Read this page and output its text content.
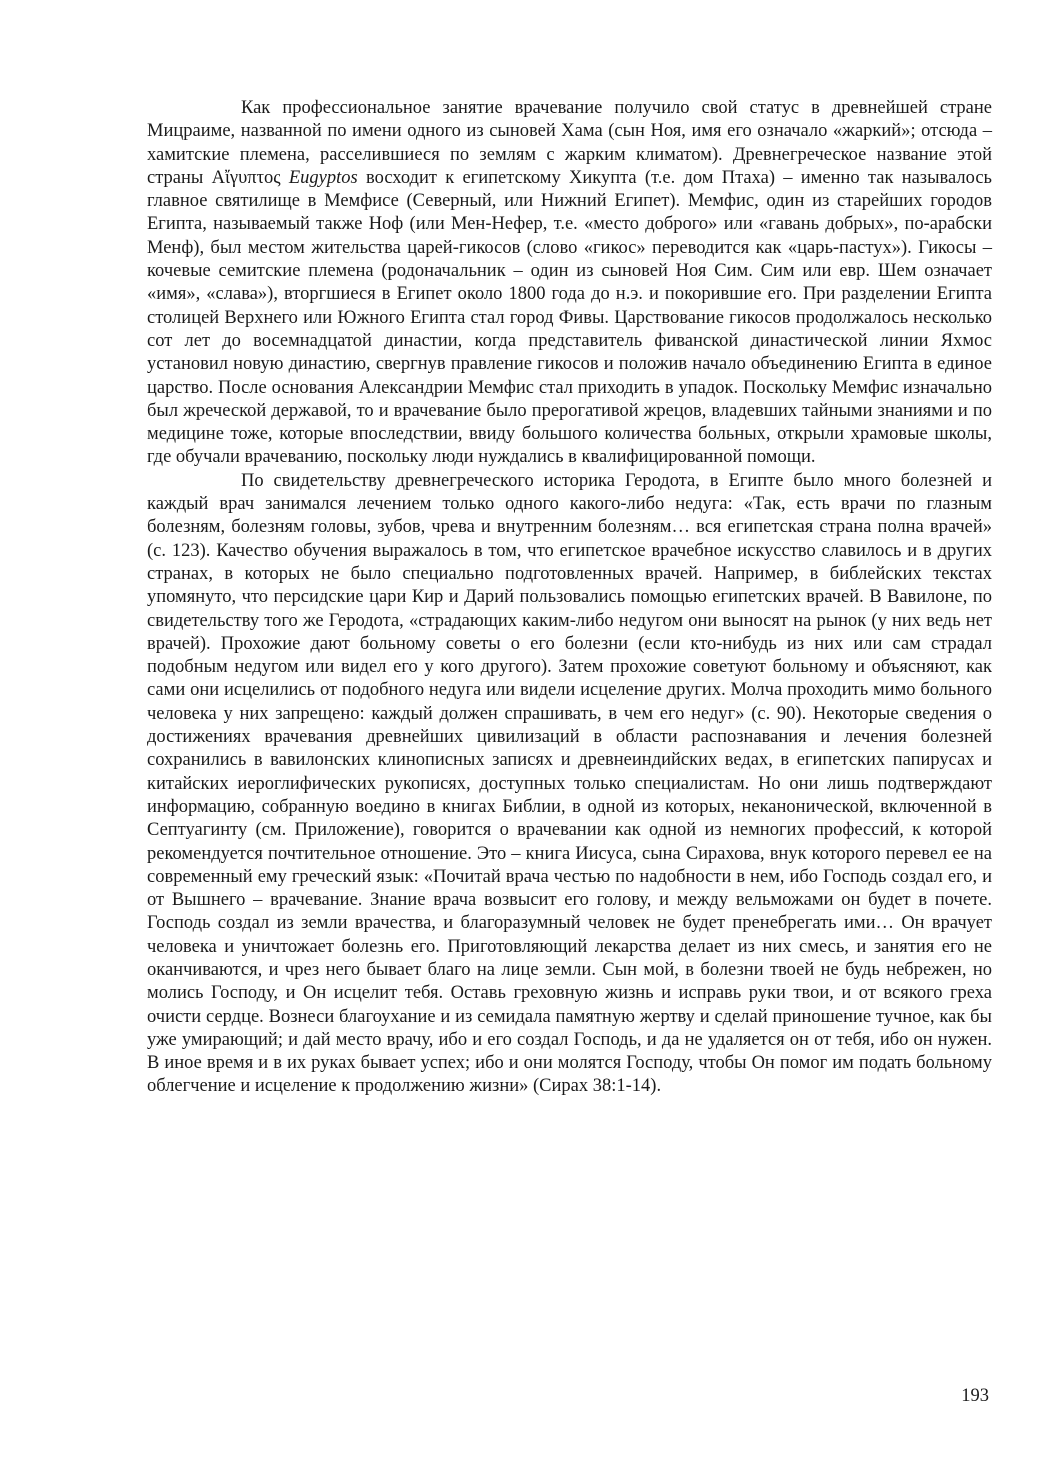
Как профессиональное занятие врачевание получило свой статус в древнейшей стране Мицраиме, названной по имени одного из сыновей Хама (сын Ноя, имя его означало «жаркий»; отсюда – хамитские племена, расселившиеся по землям с жарким климатом). Древнегреческое название этой страны Αἴγυπτος Eugyptos восходит к египетскому Хикупта (т.е. дом Птаха) – именно так называлось главное святилище в Мемфисе (Северный, или Нижний Египет). Мемфис, один из старейших городов Египта, называемый также Ноф (или Мен-Нефер, т.е. «место доброго» или «гавань добрых», по-арабски Менф), был местом жительства царей-гикосов (слово «гикос» переводится как «царь-пастух»). Гикосы – кочевые семитские племена (родоначальник – один из сыновей Ноя Сим. Сим или евр. Шем означает «имя», «слава»), вторгшиеся в Египет около 1800 года до н.э. и покорившие его. При разделении Египта столицей Верхнего или Южного Египта стал город Фивы. Царствование гикосов продолжалось несколько сот лет до восемнадцатой династии, когда представитель фиванской династической линии Яхмос установил новую династию, свергнув правление гикосов и положив начало объединению Египта в единое царство. После основания Александрии Мемфис стал приходить в упадок. Поскольку Мемфис изначально был жреческой державой, то и врачевание было прерогативой жрецов, владевших тайными знаниями и по медицине тоже, которые впоследствии, ввиду большого количества больных, открыли храмовые школы, где обучали врачеванию, поскольку люди нуждались в квалифицированной помощи.

По свидетельству древнегреческого историка Геродота, в Египте было много болезней и каждый врач занимался лечением только одного какого-либо недуга: «Так, есть врачи по глазным болезням, болезням головы, зубов, чрева и внутренним болезням… вся египетская страна полна врачей» (с. 123). Качество обучения выражалось в том, что египетское врачебное искусство славилось и в других странах, в которых не было специально подготовленных врачей. Например, в библейских текстах упомянуто, что персидские цари Кир и Дарий пользовались помощью египетских врачей. В Вавилоне, по свидетельству того же Геродота, «страдающих каким-либо недугом они выносят на рынок (у них ведь нет врачей). Прохожие дают больному советы о его болезни (если кто-нибудь из них или сам страдал подобным недугом или видел его у кого другого). Затем прохожие советуют больному и объясняют, как сами они исцелились от подобного недуга или видели исцеление других. Молча проходить мимо больного человека у них запрещено: каждый должен спрашивать, в чем его недуг» (с. 90). Некоторые сведения о достижениях врачевания древнейших цивилизаций в области распознавания и лечения болезней сохранились в вавилонских клинописных записях и древнеиндийских ведах, в египетских папирусах и китайских иероглифических рукописях, доступных только специалистам. Но они лишь подтверждают информацию, собранную воедино в книгах Библии, в одной из которых, неканонической, включенной в Септуагинту (см. Приложение), говорится о врачевании как одной из немногих профессий, к которой рекомендуется почтительное отношение. Это – книга Иисуса, сына Сирахова, внук которого перевел ее на современный ему греческий язык: «Почитай врача честью по надобности в нем, ибо Господь создал его, и от Вышнего – врачевание. Знание врача возвысит его голову, и между вельможами он будет в почете. Господь создал из земли врачества, и благоразумный человек не будет пренебрегать ими… Он врачует человека и уничтожает болезнь его. Приготовляющий лекарства делает из них смесь, и занятия его не оканчиваются, и чрез него бывает благо на лице земли. Сын мой, в болезни твоей не будь небрежен, но молись Господу, и Он исцелит тебя. Оставь греховную жизнь и исправь руки твои, и от всякого греха очисти сердце. Вознеси благоухание и из семидала памятную жертву и сделай приношение тучное, как бы уже умирающий; и дай место врачу, ибо и его создал Господь, и да не удаляется он от тебя, ибо он нужен. В иное время и в их руках бывает успех; ибо и они молятся Господу, чтобы Он помог им подать больному облегчение и исцеление к продолжению жизни» (Сирах 38:1-14).

193
